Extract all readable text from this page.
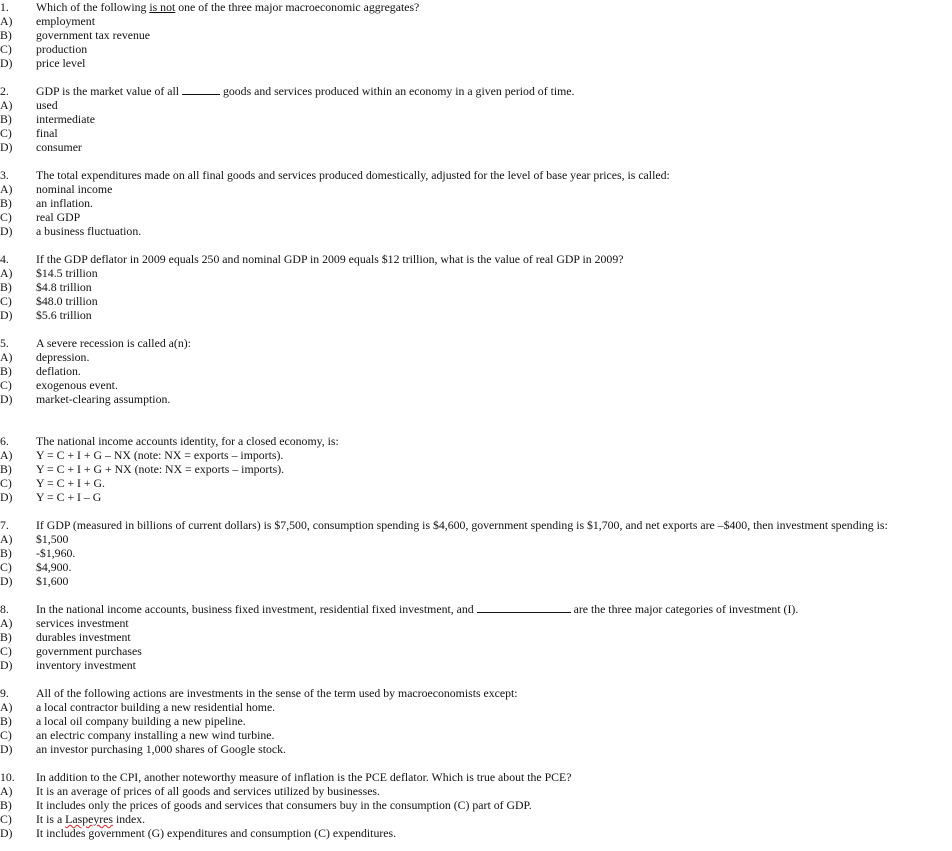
1. Which of the following is not one of the three major macroeconomic aggregates?
A) employment
B) government tax revenue
C) production
D) price level
2. GDP is the market value of all	goods and services produced within an economy in a given period of time.
A) used
B) intermediate
C) final
D) consumer
3. The total expenditures made on all final goods and services produced domestically, adjusted for the level of base year prices, is called:
A) nominal income
B) an inflation.
C) real GDP
D) a business fluctuation.
4. If the GDP deflator in 2009 equals 250 and nominal GDP in 2009 equals $12 trillion, what is the value of real GDP in 2009?
A) $14.5 trillion
B) $4.8 trillion
C) $48.0 trillion
D) $5.6 trillion
5. A severe recession is called a(n):
A) depression.
B) deflation.
C) exogenous event.
D) market-clearing assumption.
6. The national income accounts identity, for a closed economy, is:
A) Y = C + I + G – NX (note: NX = exports – imports).
B) Y = C + I + G + NX (note: NX = exports – imports).
C) Y = C + I + G.
D) Y = C + I – G
7. If GDP (measured in billions of current dollars) is $7,500, consumption spending is $4,600, government spending is $1,700, and net exports are –$400, then investment spending is:
A) $1,500
B) -$1,960.
C) $4,900.
D) $1,600
8. In the national income accounts, business fixed investment, residential fixed investment, and	are the three major categories of investment (I).
A) services investment
B) durables investment
C) government purchases
D) inventory investment
9. All of the following actions are investments in the sense of the term used by macroeconomists except:
A) a local contractor building a new residential home.
B) a local oil company building a new pipeline.
C) an electric company installing a new wind turbine.
D) an investor purchasing 1,000 shares of Google stock.
10. In addition to the CPI, another noteworthy measure of inflation is the PCE deflator. Which is true about the PCE?
A) It is an average of prices of all goods and services utilized by businesses.
B) It includes only the prices of goods and services that consumers buy in the consumption (C) part of GDP.
C) It is a Laspeyres index.
D) It includes government (G) expenditures and consumption (C) expenditures.
